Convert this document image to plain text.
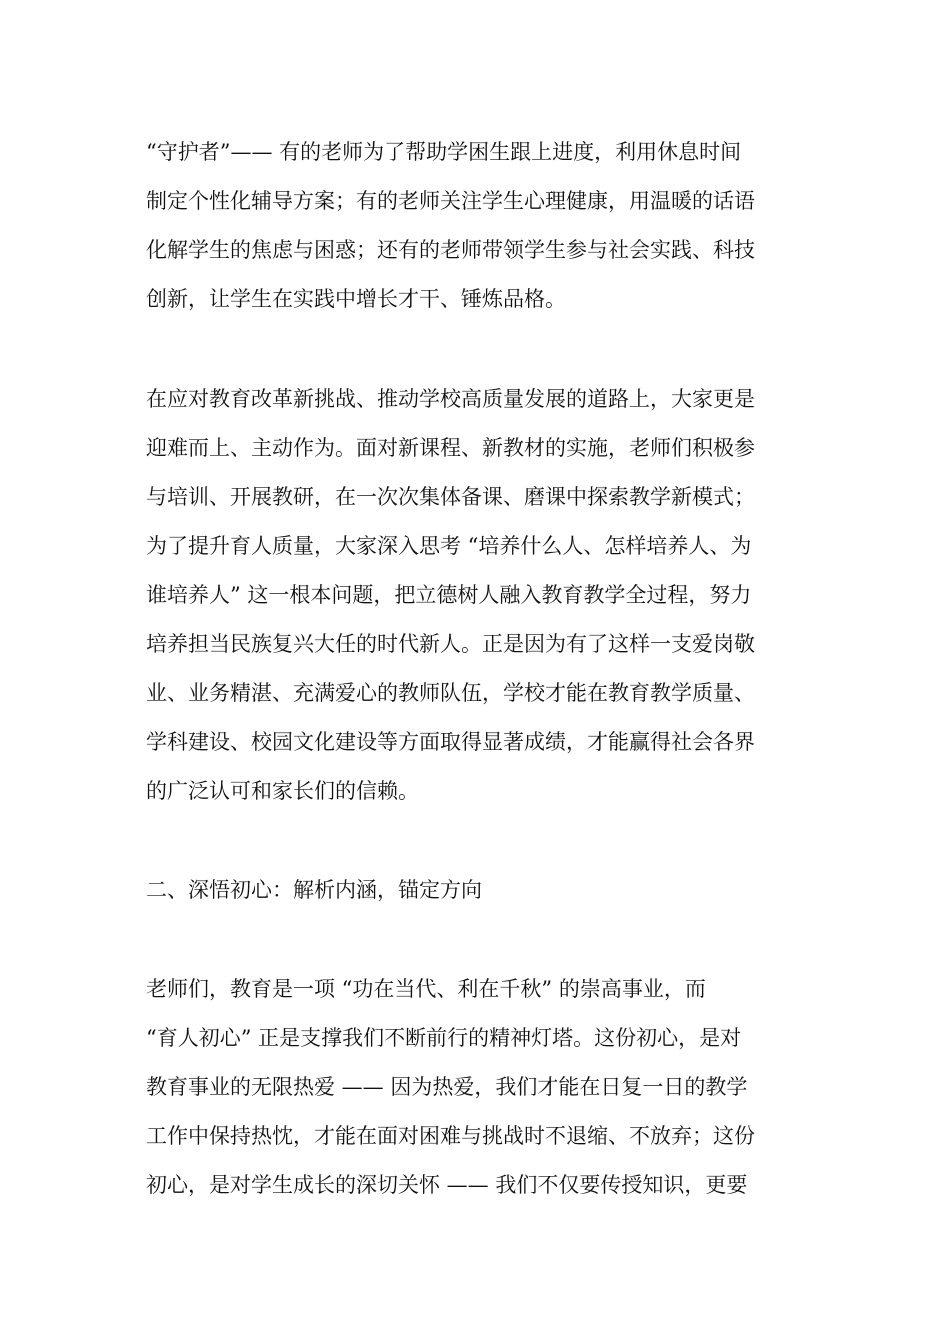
“守护者”—— 有的老师为了帮助学困生跟上进度，利用休息时间
制定个性化辅导方案；有的老师关注学生心理健康，用温暖的话语
化解学生的焦虑与困惑；还有的老师带领学生参与社会实践、科技
创新，让学生在实践中增长才干、锤炼品格。
在应对教育改革新挑战、推动学校高质量发展的道路上，大家更是
迎难而上、主动作为。面对新课程、新教材的实施，老师们积极参
与培训、开展教研，在一次次集体备课、磨课中探索教学新模式；
为了提升育人质量，大家深入思考 “培养什么人、怎样培养人、为
谁培养人” 这一根本问题，把立德树人融入教育教学全过程，努力
培养担当民族复兴大任的时代新人。正是因为有了这样一支爱岗敬
业、业务精湛、充满爱心的教师队伍，学校才能在教育教学质量、
学科建设、校园文化建设等方面取得显著成绩，才能赢得社会各界
的广泛认可和家长们的信赖。
二、深悟初心：解析内涵，锚定方向
老师们，教育是一项 “功在当代、利在千秋” 的崇高事业，而
“育人初心” 正是支撑我们不断前行的精神灯塔。这份初心，是对
教育事业的无限热爱 —— 因为热爱，我们才能在日复一日的教学
工作中保持热忱，才能在面对困难与挑战时不退缩、不放弃；这份
初心，是对学生成长的深切关怀 —— 我们不仅要传授知识，更要
